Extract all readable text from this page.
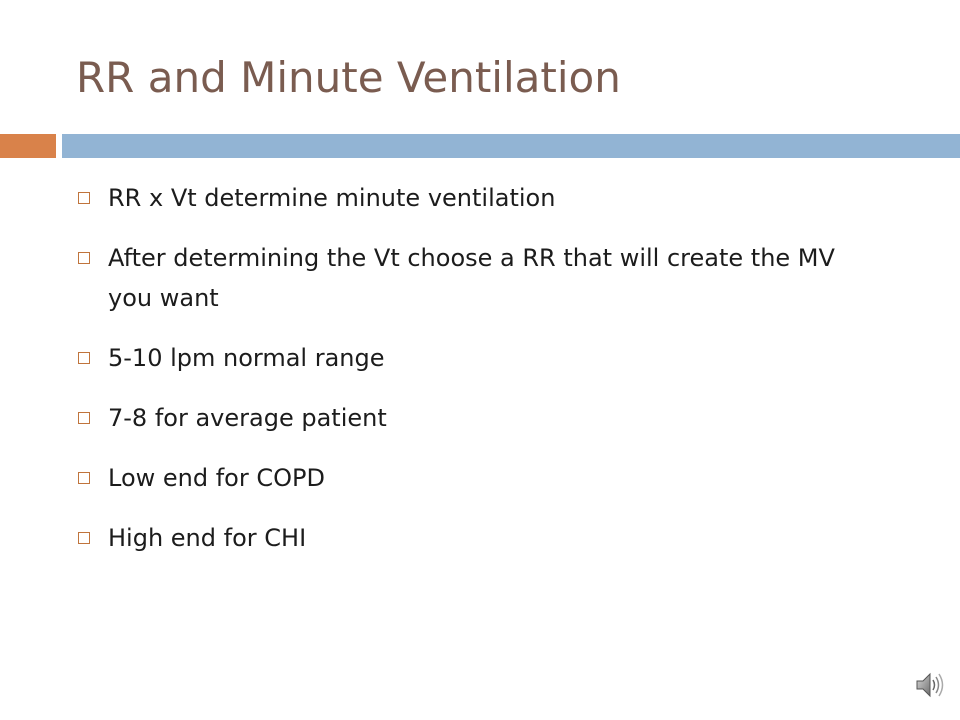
RR and Minute Ventilation
RR x Vt determine minute ventilation
After determining the Vt choose a RR that will create the MV you want
5-10 lpm normal range
7-8 for average patient
Low end for COPD
High end for CHI
